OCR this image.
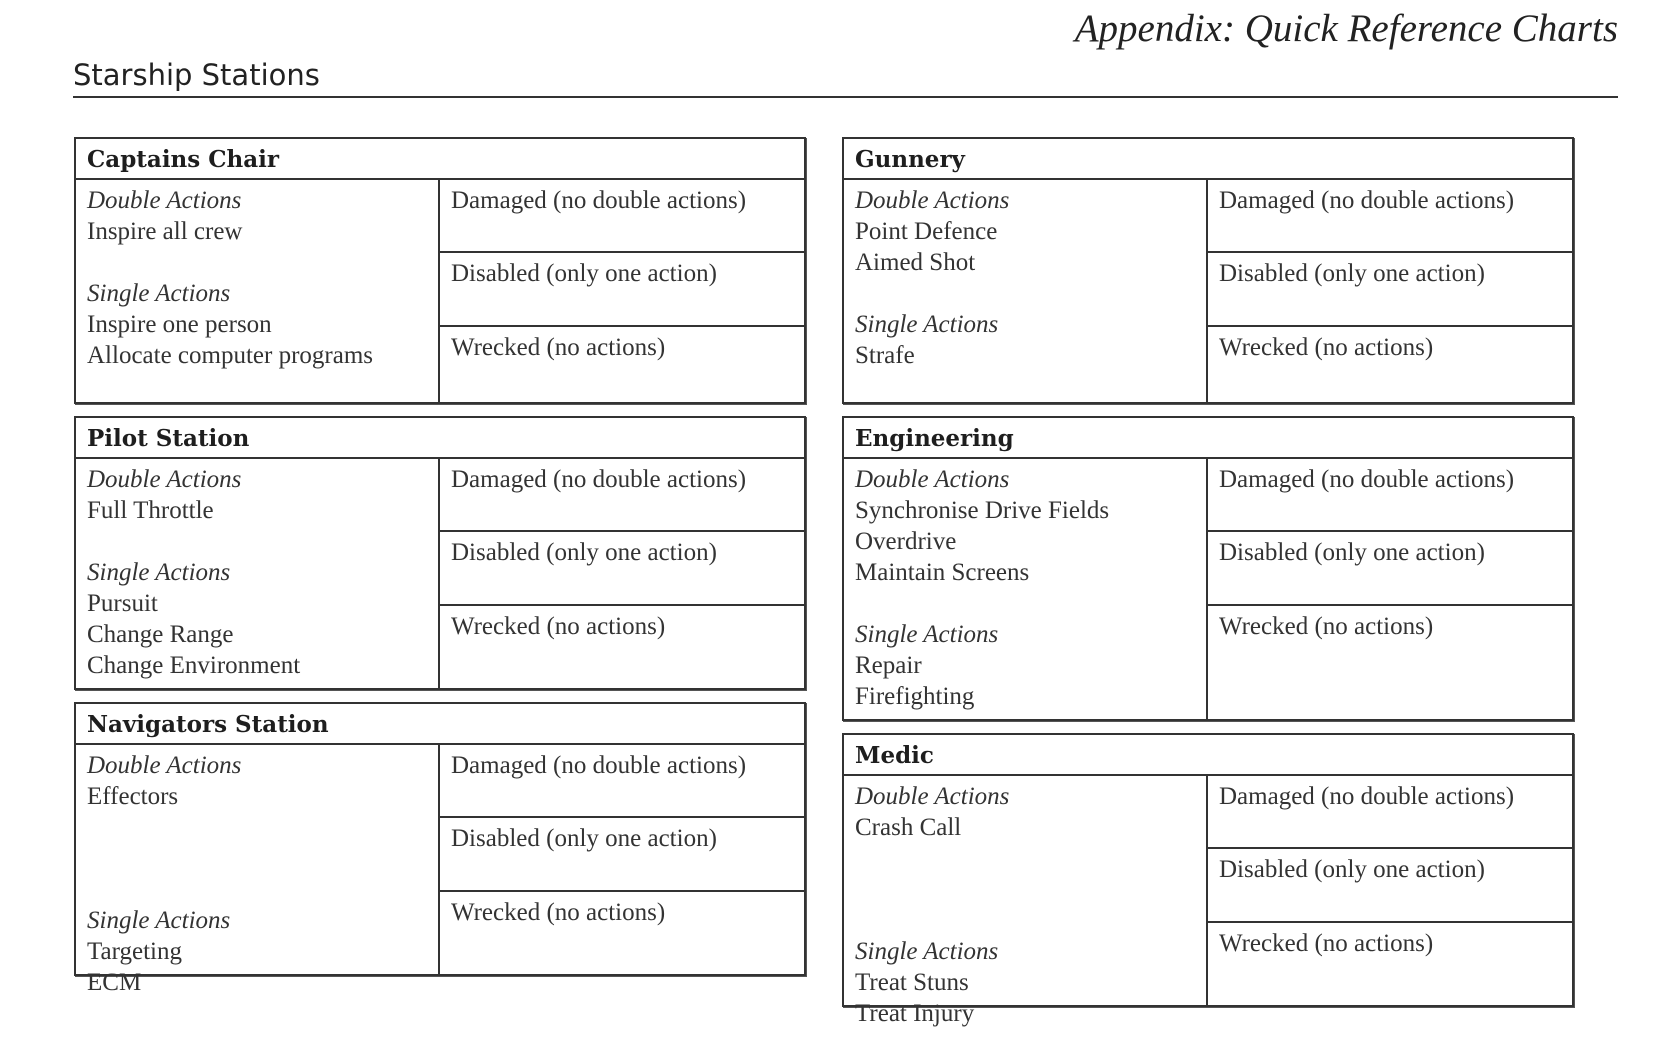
Appendix: Quick Reference Charts
Starship Stations
Captains Chair
Double Actions
Inspire all crew
Single Actions
Inspire one person
Allocate computer programs
Damaged (no double actions)
Disabled (only one action)
Wrecked (no actions)
Pilot Station
Double Actions
Full Throttle
Single Actions
Pursuit
Change Range
Change Environment
Damaged (no double actions)
Disabled (only one action)
Wrecked (no actions)
Navigators Station
Double Actions
Effectors
Single Actions
Targeting
ECM
Damaged (no double actions)
Disabled (only one action)
Wrecked (no actions)
Gunnery
Double Actions
Point Defence
Aimed Shot
Single Actions
Strafe
Damaged (no double actions)
Disabled (only one action)
Wrecked (no actions)
Engineering
Double Actions
Synchronise Drive Fields
Overdrive
Maintain Screens
Single Actions
Repair
Firefighting
Damaged (no double actions)
Disabled (only one action)
Wrecked (no actions)
Medic
Double Actions
Crash Call
Single Actions
Treat Stuns
Treat Injury
Damaged (no double actions)
Disabled (only one action)
Wrecked (no actions)
